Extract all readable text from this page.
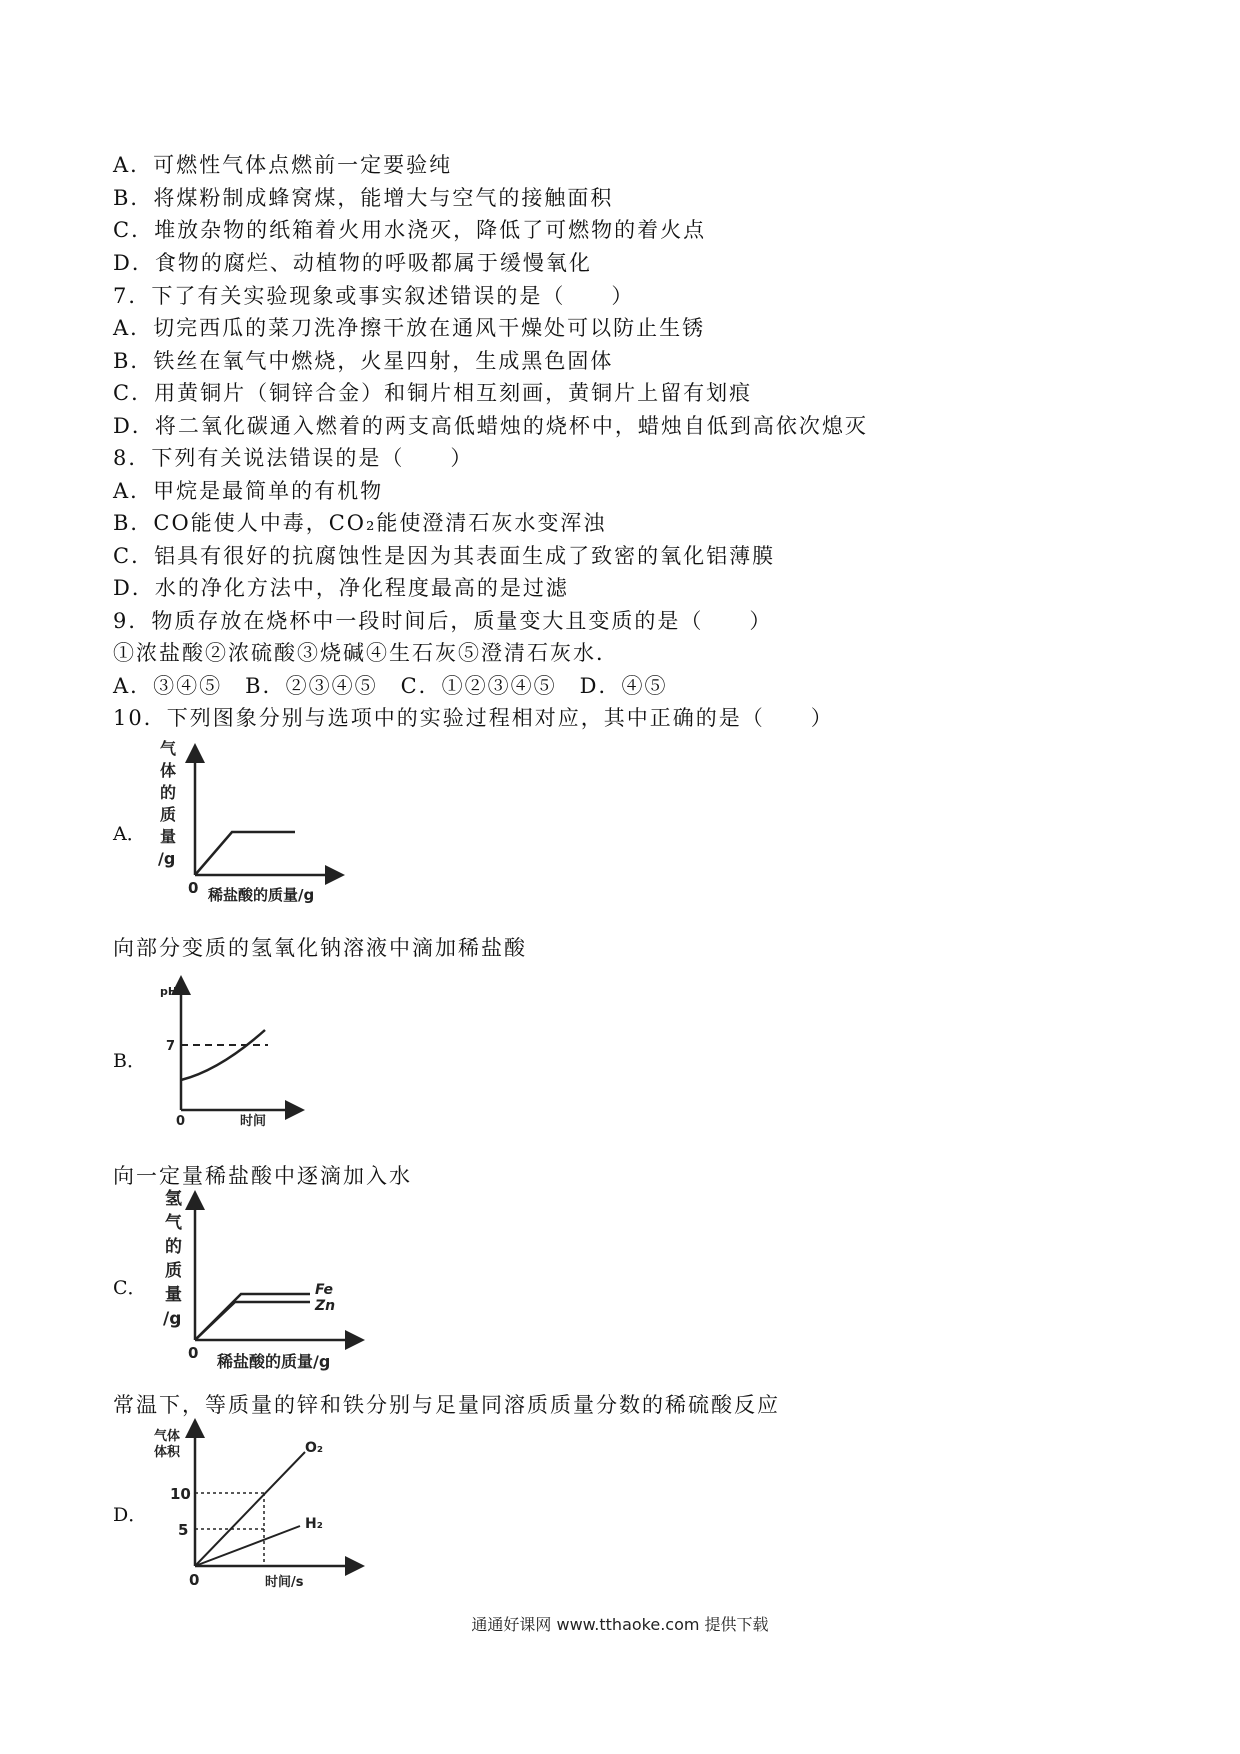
A．可燃性气体点燃前一定要验纯
B．将煤粉制成蜂窝煤，能增大与空气的接触面积
C．堆放杂物的纸箱着火用水浇灭，降低了可燃物的着火点
D．食物的腐烂、动植物的呼吸都属于缓慢氧化
7．下了有关实验现象或事实叙述错误的是（　　）
A．切完西瓜的菜刀洗净擦干放在通风干燥处可以防止生锈
B．铁丝在氧气中燃烧，火星四射，生成黑色固体
C．用黄铜片（铜锌合金）和铜片相互刻画，黄铜片上留有划痕
D．将二氧化碳通入燃着的两支高低蜡烛的烧杯中，蜡烛自低到高依次熄灭
8．下列有关说法错误的是（　　）
A．甲烷是最简单的有机物
B．CO能使人中毒，CO₂能使澄清石灰水变浑浊
C．铝具有很好的抗腐蚀性是因为其表面生成了致密的氧化铝薄膜
D．水的净化方法中，净化程度最高的是过滤
9．物质存放在烧杯中一段时间后，质量变大且变质的是（　　）
①浓盐酸②浓硫酸③烧碱④生石灰⑤澄清石灰水．
A．③④⑤　B．②③④⑤　C．①②③④⑤　D．④⑤
10．下列图象分别与选项中的实验过程相对应，其中正确的是（　　）
A．
气
体
的
质
量
/g
0 稀盐酸的质量/g
向部分变质的氢氧化钠溶液中滴加稀盐酸
B．
pH
7
0	时间
向一定量稀盐酸中逐滴加入水
C．
氢
气
的
质
量
/g
Fe
Zn
0 稀盐酸的质量/g
常温下，等质量的锌和铁分别与足量同溶质质量分数的稀硫酸反应
D．
气体
体积
10
5
O₂
H₂
0	时间/s
通通好课网 www.tthaoke.com 提供下载
